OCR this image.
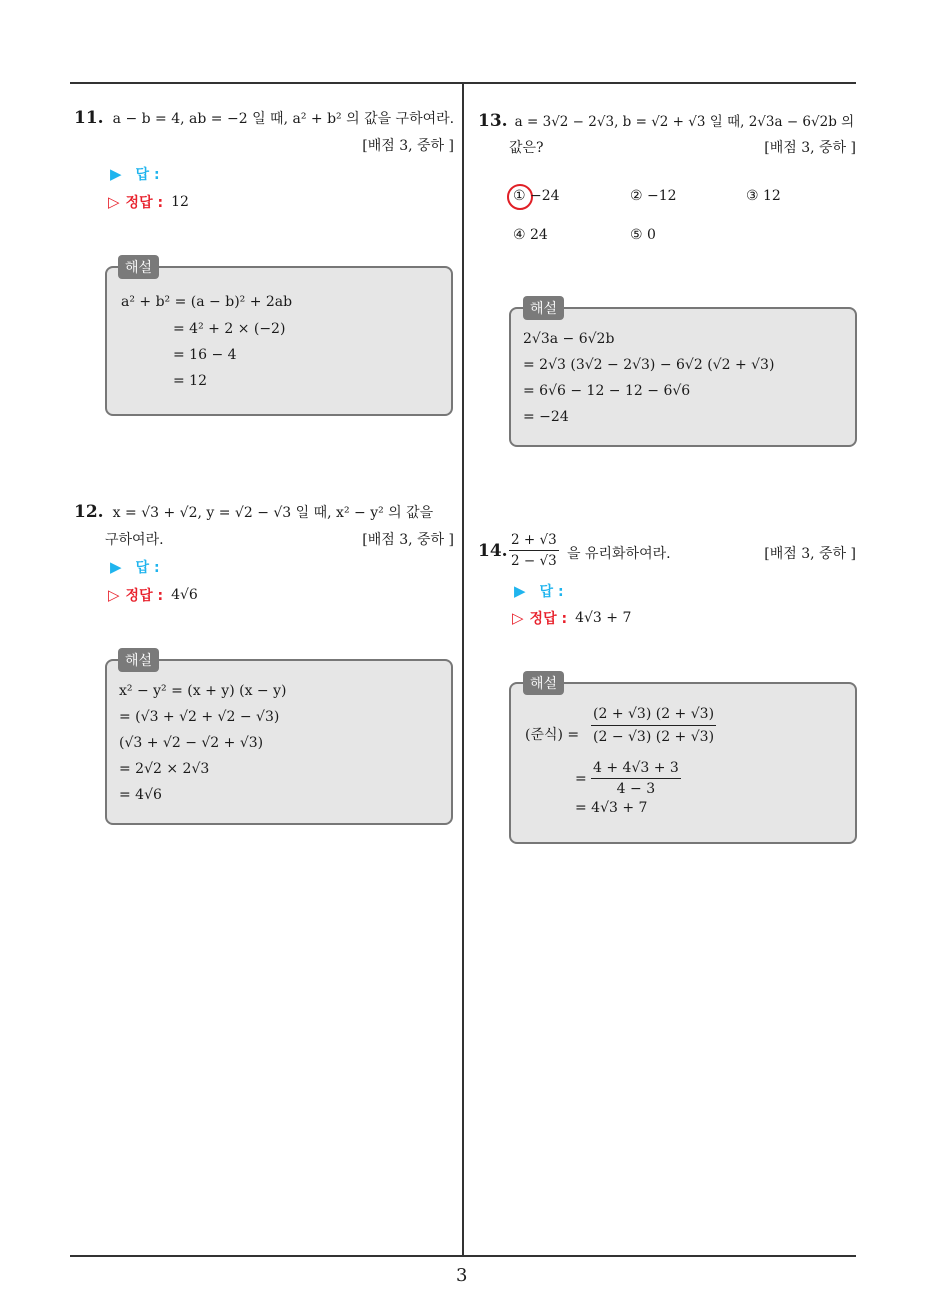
3
11. a − b = 4, ab = −2 일 때, a² + b² 의 값을 구하여라.
[배점 3, 중하 ]
▶ 답 :
▷ 정답 : 12
a² + b² = (a − b)² + 2ab
= 4² + 2 × (−2)
= 16 − 4
= 12
해설
12. x = √3 + √2, y = √2 − √3 일 때, x² − y² 의 값을
구하여라.	[배점 3, 중하 ]
▶ 답 :
▷ 정답 : 4√6
x² − y² = (x + y) (x − y)
= (√3 + √2 + √2 − √3)
(√3 + √2 − √2 + √3)
= 2√2 × 2√3
= 4√6
해설
13. a = 3√2 − 2√3, b = √2 + √3 일 때, 2√3a − 6√2b 의
값은?	[배점 3, 중하 ]
① −24	② −12	③ 12
④ 24	⑤ 0
2√3a − 6√2b
= 2√3 (3√2 − 2√3) − 6√2 (√2 + √3)
= 6√6 − 12 − 12 − 6√6
= −24
해설
14.
2 + √3
2 − √3 을 유리화하여라.	[배점 3, 중하 ]
▶ 답 :
▷ 정답 : 4√3 + 7
(준식) =
(2 + √3) (2 + √3)
(2 − √3) (2 + √3)
=
4 + 4√3 + 3
4 − 3
= 4√3 + 7
해설
